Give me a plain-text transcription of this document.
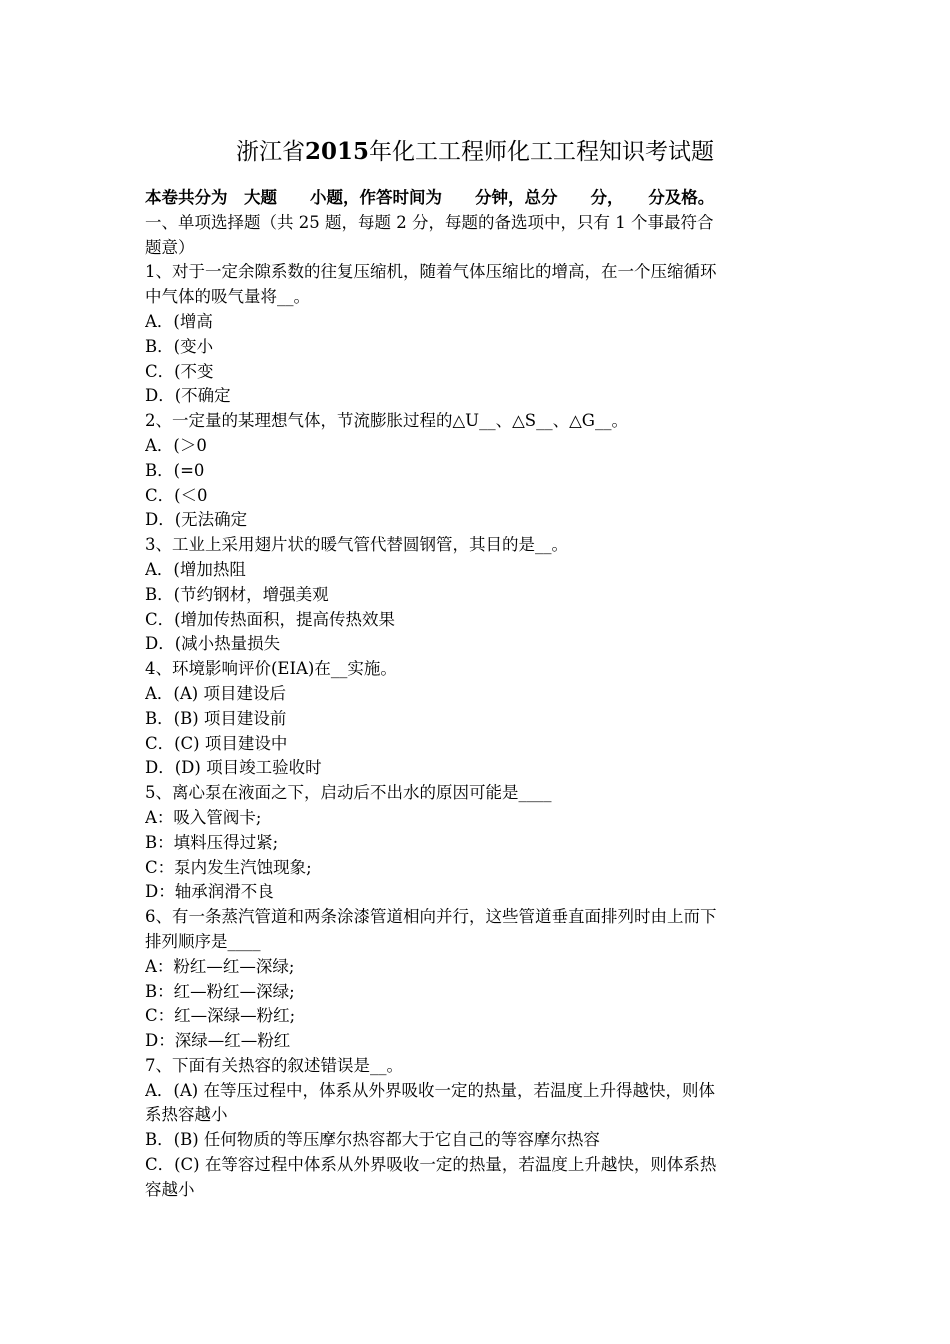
浙江省2015年化工工程师化工工程知识考试题
本卷共分为　大题　　小题，作答时间为　　分钟，总分　　分，　　分及格。
一、单项选择题（共 25 题，每题 2 分，每题的备选项中，只有 1 个事最符合
题意）
1、对于一定余隙系数的往复压缩机，随着气体压缩比的增高，在一个压缩循环
中气体的吸气量将__。
A．(增高
B．(变小
C．(不变
D．(不确定
2、一定量的某理想气体，节流膨胀过程的△U__、△S__、△G__。
A．(＞0
B．(=0
C．(＜0
D．(无法确定
3、工业上采用翅片状的暖气管代替圆钢管，其目的是__。
A．(增加热阻
B．(节约钢材，增强美观
C．(增加传热面积，提高传热效果
D．(减小热量损失
4、环境影响评价(EIA)在__实施。
A．(A) 项目建设后
B．(B) 项目建设前
C．(C) 项目建设中
D．(D) 项目竣工验收时
5、离心泵在液面之下，启动后不出水的原因可能是____
A：吸入管阀卡;
B：填料压得过紧;
C：泵内发生汽蚀现象;
D：轴承润滑不良
6、有一条蒸汽管道和两条涂漆管道相向并行，这些管道垂直面排列时由上而下
排列顺序是____
A：粉红—红—深绿;
B：红—粉红—深绿;
C：红—深绿—粉红;
D：深绿—红—粉红
7、下面有关热容的叙述错误是__。
A．(A) 在等压过程中，体系从外界吸收一定的热量，若温度上升得越快，则体
系热容越小
B．(B) 任何物质的等压摩尔热容都大于它自己的等容摩尔热容
C．(C) 在等容过程中体系从外界吸收一定的热量，若温度上升越快，则体系热
容越小
